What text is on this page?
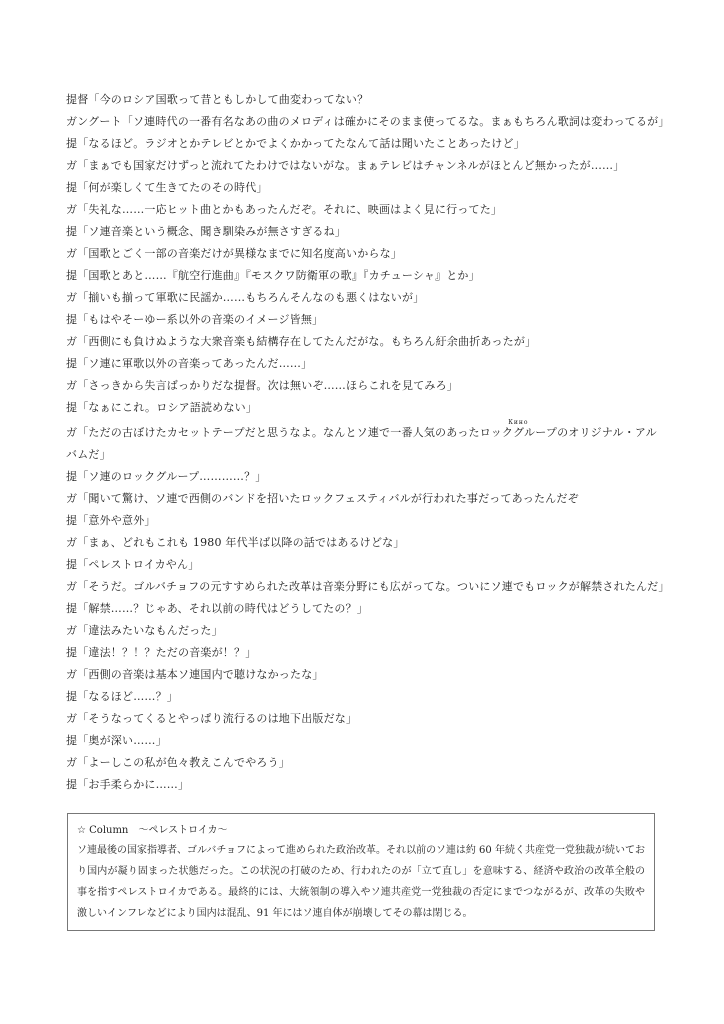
提督「今のロシア国歌って昔ともしかして曲変わってない？
ガングート「ソ連時代の一番有名なあの曲のメロディは確かにそのまま使ってるな。まぁもちろん歌詞は変わってるが」
提「なるほど。ラジオとかテレビとかでよくかかってたなんて話は聞いたことあったけど」
ガ「まぁでも国家だけずっと流れてたわけではないがな。まぁテレビはチャンネルがほとんど無かったが……」
提「何が楽しくて生きてたのその時代」
ガ「失礼な……一応ヒット曲とかもあったんだぞ。それに、映画はよく見に行ってた」
提「ソ連音楽という概念、聞き馴染みが無さすぎるね」
ガ「国歌とごく一部の音楽だけが異様なまでに知名度高いからな」
提「国歌とあと……『航空行進曲』『モスクワ防衛軍の歌』『カチューシャ』とか」
ガ「揃いも揃って軍歌に民謡か……もちろんそんなのも悪くはないが」
提「もはやそーゆー系以外の音楽のイメージ皆無」
ガ「西側にも負けぬような大衆音楽も結構存在してたんだがな。もちろん紆余曲折あったが」
提「ソ連に軍歌以外の音楽ってあったんだ……」
ガ「さっきから失言ばっかりだな提督。次は無いぞ……ほらこれを見てみろ」
提「なぁにこれ。ロシア語読めない」
ガ「ただの古ぼけたカセットテープだと思うなよ。なんとソ連で一番人気のあったロックグループКиноのオリジナル・アルバムだ」
提「ソ連のロックグループ…………？」
ガ「聞いて驚け、ソ連で西側のバンドを招いたロックフェスティバルが行われた事だってあったんだぞ
提「意外や意外」
ガ「まぁ、どれもこれも 1980 年代半ば以降の話ではあるけどな」
提「ペレストロイカやん」
ガ「そうだ。ゴルバチョフの元すすめられた改革は音楽分野にも広がってな。ついにソ連でもロックが解禁されたんだ」
提「解禁……？じゃあ、それ以前の時代はどうしてたの？」
ガ「違法みたいなもんだった」
提「違法！？！？ただの音楽が！？」
ガ「西側の音楽は基本ソ連国内で聴けなかったな」
提「なるほど……？」
ガ「そうなってくるとやっぱり流行るのは地下出版だな」
提「奥が深い……」
ガ「よーしこの私が色々教えこんでやろう」
提「お手柔らかに……」
☆ Column　～ペレストロイカ～
ソ連最後の国家指導者、ゴルバチョフによって進められた政治改革。それ以前のソ連は約 60 年続く共産党一党独裁が続いており国内が凝り固まった状態だった。この状況の打破のため、行われたのが「立て直し」を意味する、経済や政治の改革全般の事を指すペレストロイカである。最終的には、大統領制の導入やソ連共産党一党独裁の否定にまでつながるが、改革の失敗や激しいインフレなどにより国内は混乱、91 年にはソ連自体が崩壊してその幕は閉じる。
